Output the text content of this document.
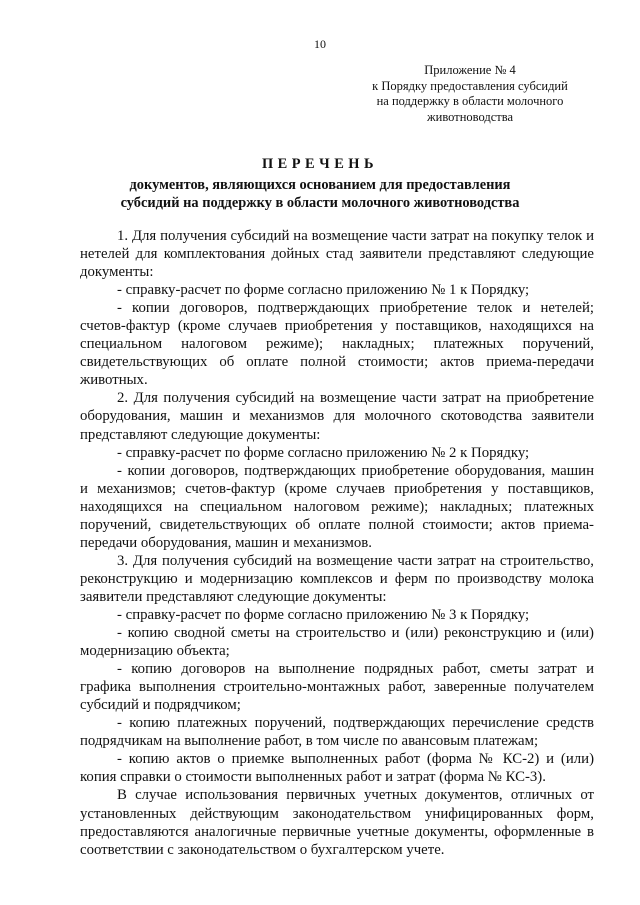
10
Приложение № 4
к Порядку предоставления субсидий
на поддержку в области молочного
животноводства
ПЕРЕЧЕНЬ
документов, являющихся основанием для предоставления
субсидий на поддержку в области молочного животноводства

1. Для получения субсидий на возмещение части затрат на покупку телок и нетелей для комплектования дойных стад заявители представляют следующие документы:

- справку-расчет по форме согласно приложению № 1 к Порядку;

- копии договоров, подтверждающих приобретение телок и нетелей; счетов-фактур (кроме случаев приобретения у поставщиков, находящихся на специальном налоговом режиме); накладных; платежных поручений, свидетельствующих об оплате полной стоимости; актов приема-передачи животных.

2. Для получения субсидий на возмещение части затрат на приобретение оборудования, машин и механизмов для молочного скотоводства заявители представляют следующие документы:

- справку-расчет по форме согласно приложению № 2 к Порядку;

- копии договоров, подтверждающих приобретение оборудования, машин и механизмов; счетов-фактур (кроме случаев приобретения у поставщиков, находящихся на специальном налоговом режиме); накладных; платежных поручений, свидетельствующих об оплате полной стоимости; актов приема-передачи оборудования, машин и механизмов.

3. Для получения субсидий на возмещение части затрат на строительство, реконструкцию и модернизацию комплексов и ферм по производству молока заявители представляют следующие документы:

- справку-расчет по форме согласно приложению № 3 к Порядку;

- копию сводной сметы на строительство и (или) реконструкцию и (или) модернизацию объекта;

- копию договоров на выполнение подрядных работ, сметы затрат и графика выполнения строительно-монтажных работ, заверенные получателем субсидий и подрядчиком;

- копию платежных поручений, подтверждающих перечисление средств подрядчикам на выполнение работ, в том числе по авансовым платежам;

- копию актов о приемке выполненных работ (форма № КС-2) и (или) копия справки о стоимости выполненных работ и затрат (форма № КС-3).

В случае использования первичных учетных документов, отличных от установленных действующим законодательством унифицированных форм, предоставляются аналогичные первичные учетные документы, оформленные в соответствии с законодательством о бухгалтерском учете.
